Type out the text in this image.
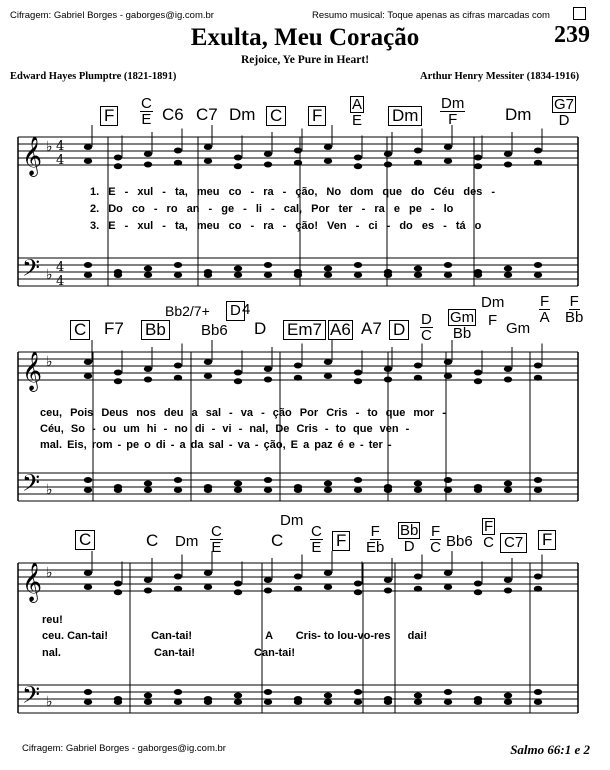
Cifragem: Gabriel Borges - gaborges@ig.com.br	Resumo musical: Toque apenas as cifras marcadas com
239
Exulta, Meu Coração
Rejoice, Ye Pure in Heart!
Edward Hayes Plumptre (1821-1891)	Arthur Henry Messiter (1834-1916)
𝄞
𝄢
♭
♭
4
4
4
4
𝄞
𝄢
♭
♭
𝄞
𝄢
♭
♭
F $\frac{C}{E} C6$ C7 Dm C F $\frac{A}{E}$ Dm $\frac{Dm}{F}$ Dm $\frac{G7}{D}$
1. E - xul - ta, meu co - ra - ção, No dom que do Céu des -
2. Do co - ro an - ge - li - cal, Por ter - ra e pe - lo
3. E - xul - ta, meu co - ra - ção! Ven - ci - do es - tá o
Bb2/7+ D 4
C F7 Bb Bb6 D Em7 A6 A7 D $\frac{D}{C} \frac{Gm}{Bb}$
Dm
F Gm
$\frac{F}{A} \frac{F}{Bb}$
ceu, Pois Deus nos deu a sal - va - ção Por Cris - to que mor -
Céu, So - ou um hi - no di - vi - nal, De Cris - to que ven -
mal. Eis, rom - pe o di - a da sal - va - ção, E a paz é e - ter -
Dm
C	C Dm $\frac{C}{E}$	C $\frac{C}{E}$ F $\frac{F}{Eb} \frac{Bb}{D} \frac{F}{C} Bb6 \frac{F}{C} C7$ F
reu!
ceu. Can-tai!	Can-tai!	A Cris- to lou-vo-res dai!
nal.	Can-tai!	Can-tai!
Cifragem: Gabriel Borges - gaborges@ig.com.br	Salmo 66:1 e 2
